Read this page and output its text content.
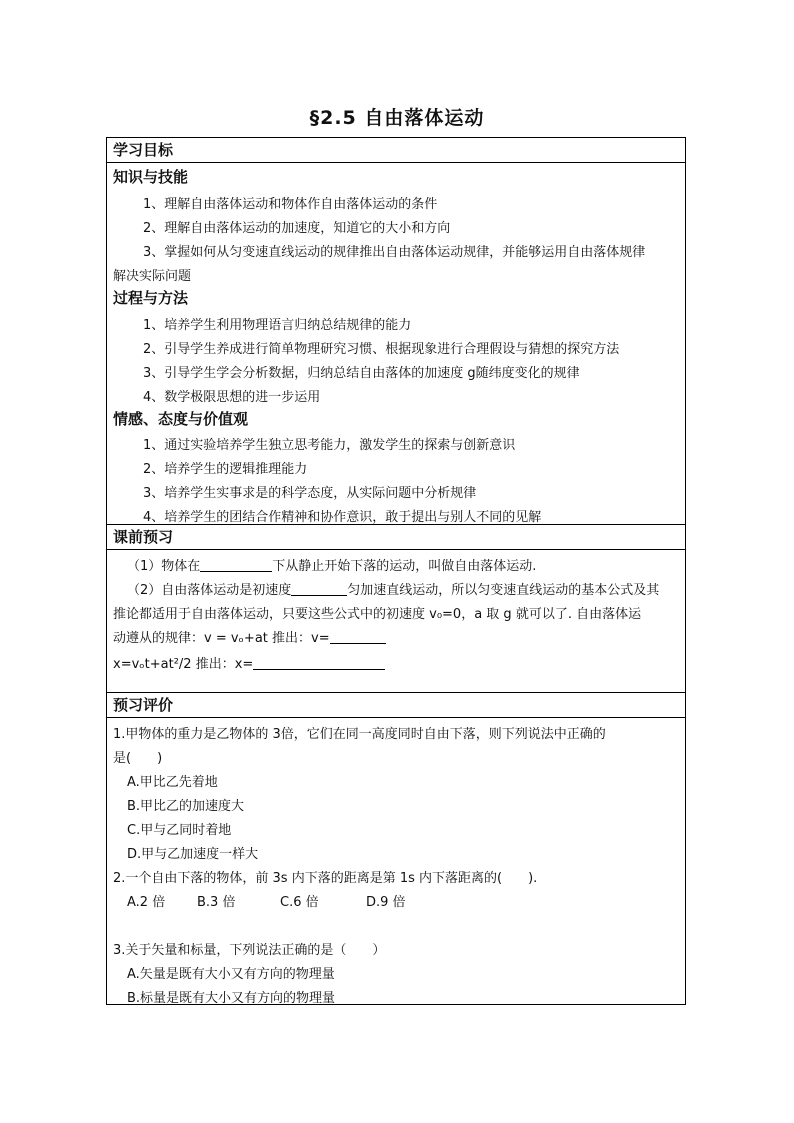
§2.5 自由落体运动
学习目标
知识与技能
1、理解自由落体运动和物体作自由落体运动的条件
2、理解自由落体运动的加速度，知道它的大小和方向
3、掌握如何从匀变速直线运动的规律推出自由落体运动规律，并能够运用自由落体规律
解决实际问题
过程与方法
1、培养学生利用物理语言归纳总结规律的能力
2、引导学生养成进行简单物理研究习惯、根据现象进行合理假设与猜想的探究方法
3、引导学生学会分析数据，归纳总结自由落体的加速度 g随纬度变化的规律
4、数学极限思想的进一步运用
情感、态度与价值观
1、通过实验培养学生独立思考能力，激发学生的探索与创新意识
2、培养学生的逻辑推理能力
3、培养学生实事求是的科学态度，从实际问题中分析规律
4、培养学生的团结合作精神和协作意识，敢于提出与别人不同的见解
课前预习
（1）物体在	下从静止开始下落的运动，叫做自由落体运动.
（2）自由落体运动是初速度	匀加速直线运动，所以匀变速直线运动的基本公式及其
推论都适用于自由落体运动，只要这些公式中的初速度 v₀=0，a 取 g 就可以了. 自由落体运
动遵从的规律：v = vₒ+at 推出：v=
x=vₒt+at²/2 推出：x=
预习评价
1.甲物体的重力是乙物体的 3倍，它们在同一高度同时自由下落，则下列说法中正确的
是(　　)
A.甲比乙先着地
B.甲比乙的加速度大
C.甲与乙同时着地
D.甲与乙加速度一样大
2.一个自由下落的物体，前 3s 内下落的距离是第 1s 内下落距离的(　　).
A.2 倍 B.3 倍	C.6 倍	D.9 倍
3.关于矢量和标量，下列说法正确的是（　　）
A.矢量是既有大小又有方向的物理量
B.标量是既有大小又有方向的物理量
